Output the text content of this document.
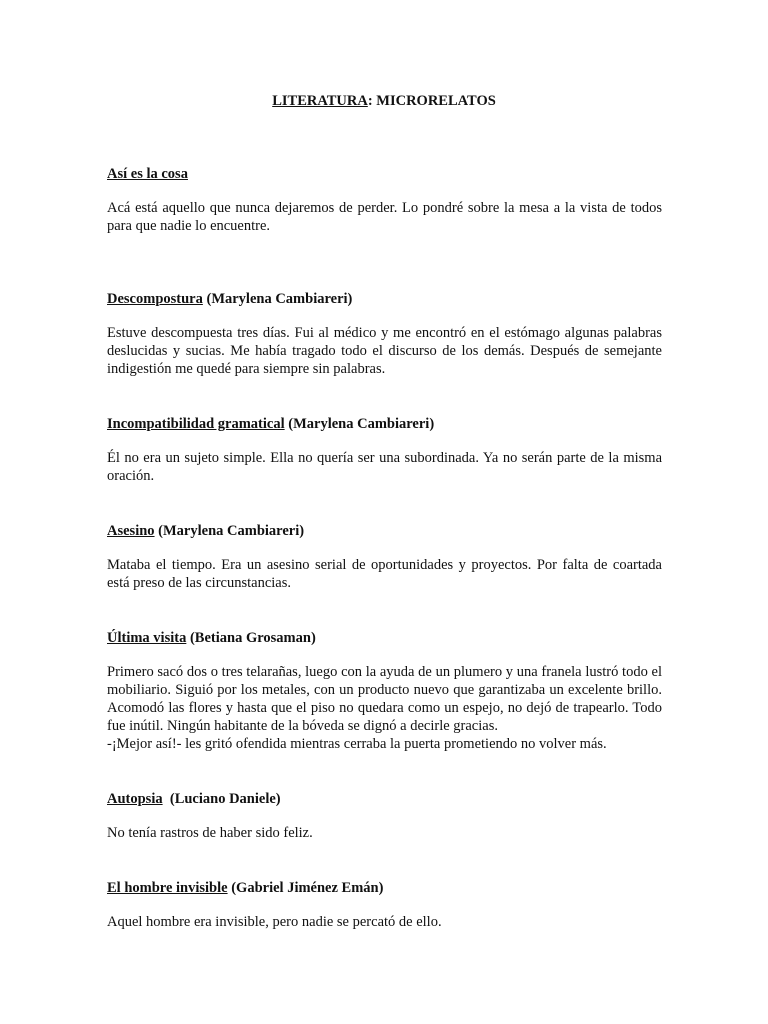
LITERATURA: MICRORELATOS
Así es la cosa

Acá está aquello que nunca dejaremos de perder. Lo pondré sobre la mesa a la vista de todos para que nadie lo encuentre.

Descompostura (Marylena Cambiareri)

Estuve descompuesta tres días. Fui al médico y me encontró en el estómago algunas palabras deslucidas y sucias. Me había tragado todo el discurso de los demás. Después de semejante indigestión me quedé para siempre sin palabras.

Incompatibilidad gramatical (Marylena Cambiareri)

Él no era un sujeto simple. Ella no quería ser una subordinada. Ya no serán parte de la misma oración.

Asesino (Marylena Cambiareri)

Mataba el tiempo. Era un asesino serial de oportunidades y proyectos. Por falta de coartada está preso de las circunstancias.

Última visita (Betiana Grosaman)

Primero sacó dos o tres telarañas, luego con la ayuda de un plumero y una franela lustró todo el mobiliario. Siguió por los metales, con un producto nuevo que garantizaba un excelente brillo. Acomodó las flores y hasta que el piso no quedara como un espejo, no dejó de trapearlo. Todo fue inútil. Ningún habitante de la bóveda se dignó a decirle gracias.

-¡Mejor así!- les gritó ofendida mientras cerraba la puerta prometiendo no volver más.

Autopsia  (Luciano Daniele)

No tenía rastros de haber sido feliz.

El hombre invisible (Gabriel Jiménez Emán)

Aquel hombre era invisible, pero nadie se percató de ello.
